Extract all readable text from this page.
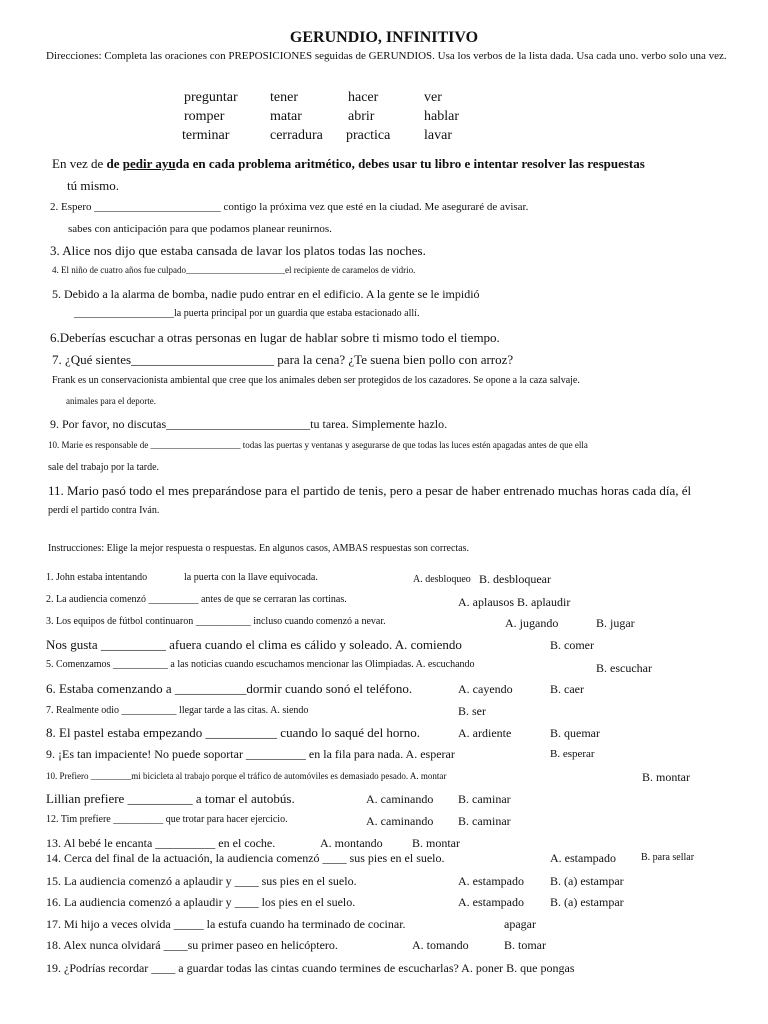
GERUNDIO, INFINITIVO
Direcciones: Completa las oraciones con PREPOSICIONES seguidas de GERUNDIOS. Usa los verbos de la lista dada. Usa cada uno. verbo solo una vez.
preguntar tener	hacer	ver
romper	matar	abrir	hablar
terminar	cerradura practica lavar
En vez de de pedir ayuda en cada problema aritmético, debes usar tu libro e intentar resolver las respuestas
tú mismo.
2. Espero _______________________ contigo la próxima vez que esté en la ciudad. Me aseguraré de avisar.
sabes con anticipación para que podamos planear reunirnos.
3. Alice nos dijo que estaba cansada de lavar los platos todas las noches.
4. El niño de cuatro años fue culpado______________________el recipiente de caramelos de vidrio.
5. Debido a la alarma de bomba, nadie pudo entrar en el edificio. A la gente se le impidió
____________________la puerta principal por un guardia que estaba estacionado allí.
6.Deberías escuchar a otras personas en lugar de hablar sobre ti mismo todo el tiempo.
7. ¿Qué sientes______________________ para la cena? ¿Te suena bien pollo con arroz?
Frank es un conservacionista ambiental que cree que los animales deben ser protegidos de los cazadores. Se opone a la caza salvaje.
animales para el deporte.
9. Por favor, no discutas________________________tu tarea. Simplemente hazlo.
10. Marie es responsable de ____________________ todas las puertas y ventanas y asegurarse de que todas las luces estén apagadas antes de que ella
sale del trabajo por la tarde.
11. Mario pasó todo el mes preparándose para el partido de tenis, pero a pesar de haber entrenado muchas horas cada día, él
perdí el partido contra Iván.
Instrucciones: Elige la mejor respuesta o respuestas. En algunos casos, AMBAS respuestas son correctas.
1. John estaba intentando	la puerta con la llave equivocada.	A. desbloqueo B. desbloquear
2. La audiencia comenzó __________ antes de que se cerraran las cortinas.	A. aplausos B. aplaudir
3. Los equipos de fútbol continuaron ___________ incluso cuando comenzó a nevar.	A. jugando	B. jugar
Nos gusta __________ afuera cuando el clima es cálido y soleado. A. comiendo	B. comer
5. Comenzamos ___________ a las noticias cuando escuchamos mencionar las Olimpiadas. A. escuchando	B. escuchar
6. Estaba comenzando a ___________dormir cuando sonó el teléfono.	A. cayendo	B. caer
7. Realmente odio ___________ llegar tarde a las citas. A. siendo	B. ser
8. El pastel estaba empezando ___________ cuando lo saqué del horno.	A. ardiente	B. quemar
9. ¡Es tan impaciente! No puede soportar __________ en la fila para nada. A. esperar	B. esperar
10. Prefiero _________mi bicicleta al trabajo porque el tráfico de automóviles es demasiado pesado. A. montar	B. montar
Lillian prefiere __________ a tomar el autobús.	A. caminando B. caminar
12. Tim prefiere __________ que trotar para hacer ejercicio.	A. caminando B. caminar
13. Al bebé le encanta __________ en el coche.	A. montando B. montar
14. Cerca del final de la actuación, la audiencia comenzó ____ sus pies en el suelo.	A. estampado	B. para sellar
15. La audiencia comenzó a aplaudir y ____ sus pies en el suelo.	A. estampado B. (a) estampar
16. La audiencia comenzó a aplaudir y ____ los pies en el suelo.	A. estampado B. (a) estampar
17. Mi hijo a veces olvida _____ la estufa cuando ha terminado de cocinar.	apagar
18. Alex nunca olvidará ____su primer paseo en helicóptero.	A. tomando	B. tomar
19. ¿Podrías recordar ____ a guardar todas las cintas cuando termines de escucharlas? A. poner B. que pongas
